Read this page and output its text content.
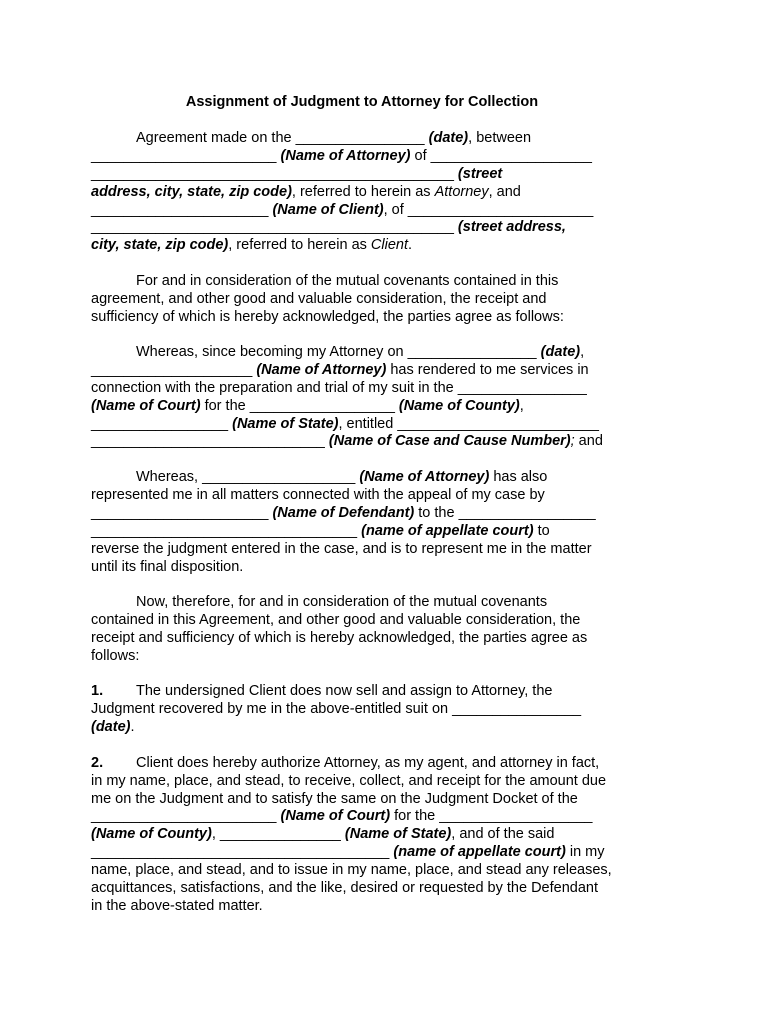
Assignment of Judgment to Attorney for Collection
Agreement made on the ________________ (date), between
_______________________ (Name of Attorney) of ____________________
_____________________________________________ (street
address, city, state, zip code), referred to herein as Attorney, and
______________________ (Name of Client), of _______________________
_____________________________________________ (street address,
city, state, zip code), referred to herein as Client.
For and in consideration of the mutual covenants contained in this
agreement, and other good and valuable consideration, the receipt and
sufficiency of which is hereby acknowledged, the parties agree as follows:
Whereas, since becoming my Attorney on ________________ (date),
____________________ (Name of Attorney) has rendered to me services in
connection with the preparation and trial of my suit in the ________________
(Name of Court) for the __________________ (Name of County),
_________________ (Name of State), entitled _________________________
_____________________________ (Name of Case and Cause Number); and
Whereas, ___________________ (Name of Attorney) has also
represented me in all matters connected with the appeal of my case by
______________________ (Name of Defendant) to the _________________
_________________________________ (name of appellate court) to
reverse the judgment entered in the case, and is to represent me in the matter
until its final disposition.
Now, therefore, for and in consideration of the mutual covenants
contained in this Agreement, and other good and valuable consideration, the
receipt and sufficiency of which is hereby acknowledged, the parties agree as
follows:
1. The undersigned Client does now sell and assign to Attorney, the
Judgment recovered by me in the above-entitled suit on ________________
(date).
2. Client does hereby authorize Attorney, as my agent, and attorney in fact,
in my name, place, and stead, to receive, collect, and receipt for the amount due
me on the Judgment and to satisfy the same on the Judgment Docket of the
_______________________ (Name of Court) for the ___________________
(Name of County), _______________ (Name of State), and of the said
_____________________________________ (name of appellate court) in my
name, place, and stead, and to issue in my name, place, and stead any releases,
acquittances, satisfactions, and the like, desired or requested by the Defendant
in the above-stated matter.
